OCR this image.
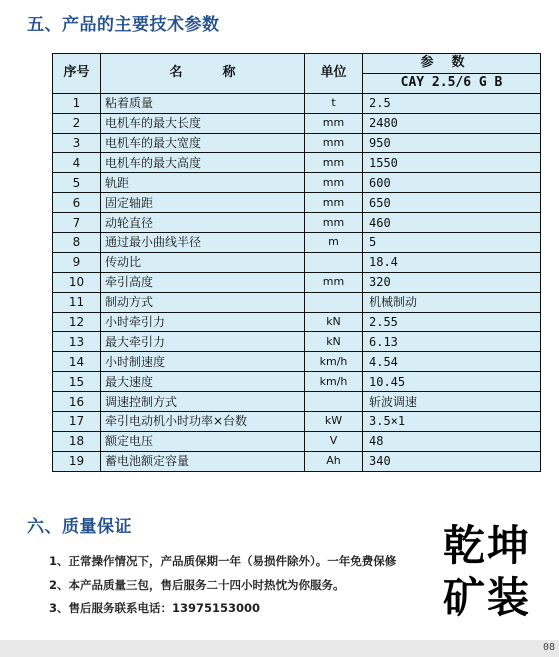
五、产品的主要技术参数
序号	名 称	单位	参数
			CAY 2.5/6 G B
1	粘着质量	t	2.5
2	电机车的最大长度	mm	2480
3	电机车的最大宽度	mm	950
4	电机车的最大高度	mm	1550
5	轨距	mm	600
6	固定轴距	mm	650
7	动轮直径	mm	460
8	通过最小曲线半径	m	5
9	传动比		18.4
10	牵引高度	mm	320
11	制动方式		机械制动
12	小时牵引力	kN	2.55
13	最大牵引力	kN	6.13
14	小时制速度	km/h	4.54
15	最大速度	km/h	10.45
16	调速控制方式		斩波调速
17	牵引电动机小时功率×台数	kW	3.5×1
18	额定电压	V	48
19	蓄电池额定容量	Ah	340
六、质量保证
1、正常操作情况下，产品质保期一年（易损件除外）。一年免费保修
2、本产品质量三包，售后服务二十四小时热忱为你服务。
3、售后服务联系电话：13975153000
乾坤
矿装
08
